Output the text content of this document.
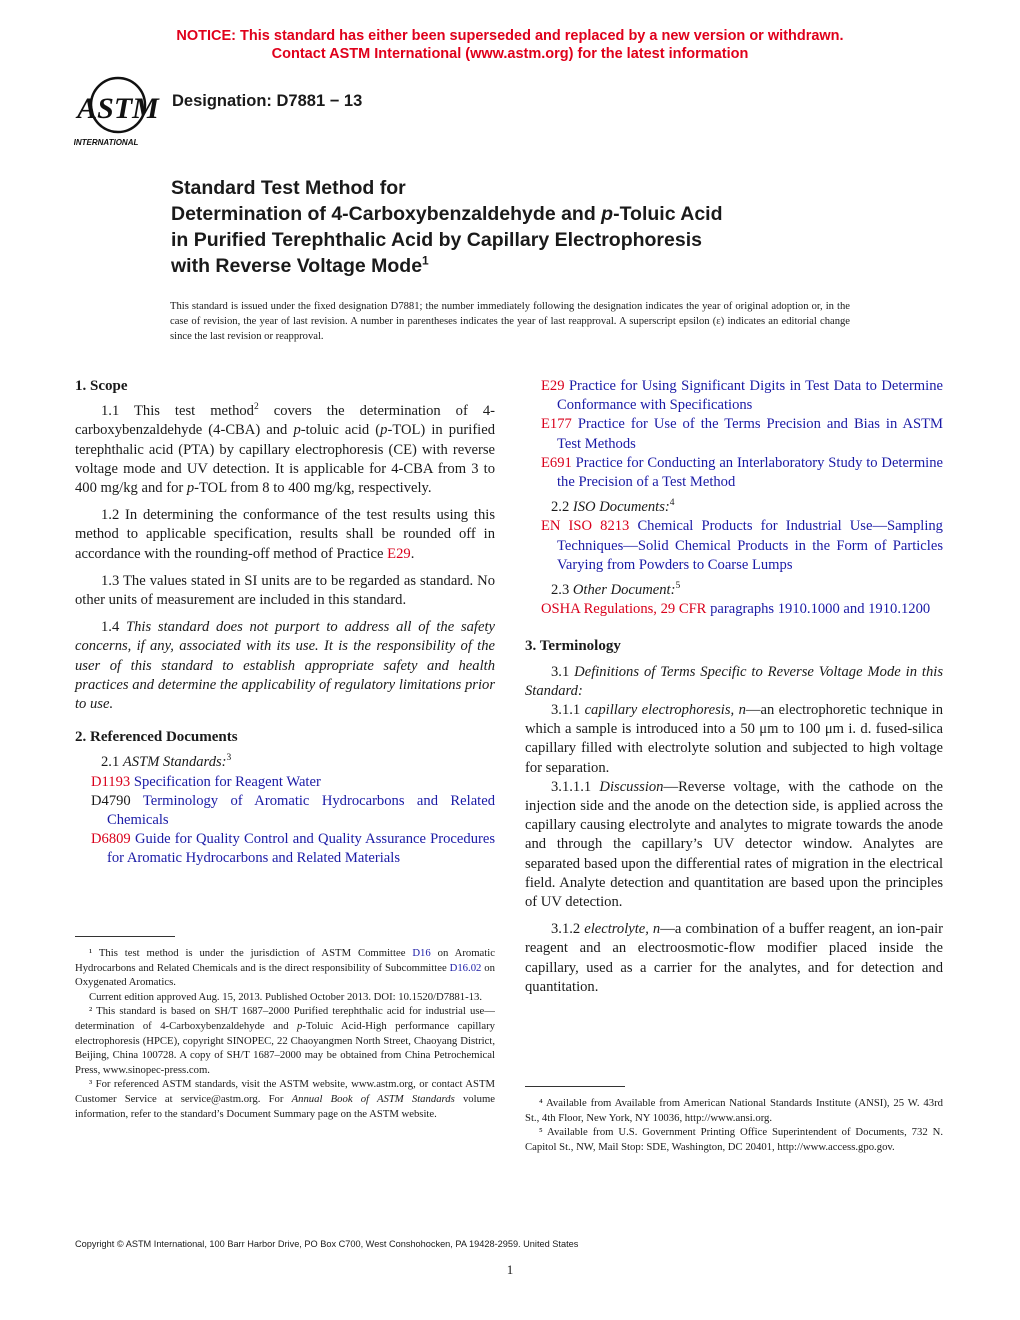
NOTICE: This standard has either been superseded and replaced by a new version or withdrawn.
Contact ASTM International (www.astm.org) for the latest information
ASTM
INTERNATIONAL
Designation: D7881 − 13
Standard Test Method for
Determination of 4-Carboxybenzaldehyde and p-Toluic Acid
in Purified Terephthalic Acid by Capillary Electrophoresis
with Reverse Voltage Mode$^1$
This standard is issued under the fixed designation D7881; the number immediately following the designation indicates the year of original adoption or, in the case of revision, the year of last revision. A number in parentheses indicates the year of last reapproval. A superscript epsilon (ε) indicates an editorial change since the last revision or reapproval.
1. Scope

1.1 This test method$^2$ covers the determination of 4-carboxybenzaldehyde (4-CBA) and p-toluic acid (p-TOL) in purified terephthalic acid (PTA) by capillary electrophoresis (CE) with reverse voltage mode and UV detection. It is applicable for 4-CBA from 3 to 400 mg/kg and for p-TOL from 8 to 400 mg/kg, respectively.

1.2 In determining the conformance of the test results using this method to applicable specification, results shall be rounded off in accordance with the rounding-off method of Practice E29.

1.3 The values stated in SI units are to be regarded as standard. No other units of measurement are included in this standard.

1.4 This standard does not purport to address all of the safety concerns, if any, associated with its use. It is the responsibility of the user of this standard to establish appropriate safety and health practices and determine the applicability of regulatory limitations prior to use.

2. Referenced Documents

2.1 ASTM Standards:$^3$

D1193 Specification for Reagent Water

D4790 Terminology of Aromatic Hydrocarbons and Related Chemicals

D6809 Guide for Quality Control and Quality Assurance Procedures for Aromatic Hydrocarbons and Related Materials

E29 Practice for Using Significant Digits in Test Data to Determine Conformance with Specifications

E177 Practice for Use of the Terms Precision and Bias in ASTM Test Methods

E691 Practice for Conducting an Interlaboratory Study to Determine the Precision of a Test Method

2.2 ISO Documents:$^4$

EN ISO 8213 Chemical Products for Industrial Use—Sampling Techniques—Solid Chemical Products in the Form of Particles Varying from Powders to Coarse Lumps

2.3 Other Document:$^5$

OSHA Regulations, 29 CFR paragraphs 1910.1000 and 1910.1200

3. Terminology

3.1 Definitions of Terms Specific to Reverse Voltage Mode in this Standard:

3.1.1 capillary electrophoresis, n—an electrophoretic technique in which a sample is introduced into a 50 μm to 100 μm i. d. fused-silica capillary filled with electrolyte solution and subjected to high voltage for separation.

3.1.1.1 Discussion—Reverse voltage, with the cathode on the injection side and the anode on the detection side, is applied across the capillary causing electrolyte and analytes to migrate towards the anode and through the capillary’s UV detector window. Analytes are separated based upon the differential rates of migration in the electrical field. Analyte detection and quantitation are based upon the principles of UV detection.

3.1.2 electrolyte, n—a combination of a buffer reagent, an ion-pair reagent and an electroosmotic-flow modifier placed inside the capillary, used as a carrier for the analytes, and for detection and quantitation.

¹ This test method is under the jurisdiction of ASTM Committee D16 on Aromatic Hydrocarbons and Related Chemicals and is the direct responsibility of Subcommittee D16.02 on Oxygenated Aromatics.

Current edition approved Aug. 15, 2013. Published October 2013. DOI: 10.1520/D7881-13.

² This standard is based on SH/T 1687–2000 Purified terephthalic acid for industrial use—determination of 4-Carboxybenzaldehyde and p-Toluic Acid-High performance capillary electrophoresis (HPCE), copyright SINOPEC, 22 Chaoyangmen North Street, Chaoyang District, Beijing, China 100728. A copy of SH/T 1687–2000 may be obtained from China Petrochemical Press, www.sinopec-press.com.

³ For referenced ASTM standards, visit the ASTM website, www.astm.org, or contact ASTM Customer Service at service@astm.org. For Annual Book of ASTM Standards volume information, refer to the standard’s Document Summary page on the ASTM website.

⁴ Available from Available from American National Standards Institute (ANSI), 25 W. 43rd St., 4th Floor, New York, NY 10036, http://www.ansi.org.

⁵ Available from U.S. Government Printing Office Superintendent of Documents, 732 N. Capitol St., NW, Mail Stop: SDE, Washington, DC 20401, http://www.access.gpo.gov.

Copyright © ASTM International, 100 Barr Harbor Drive, PO Box C700, West Conshohocken, PA 19428-2959. United States
1
